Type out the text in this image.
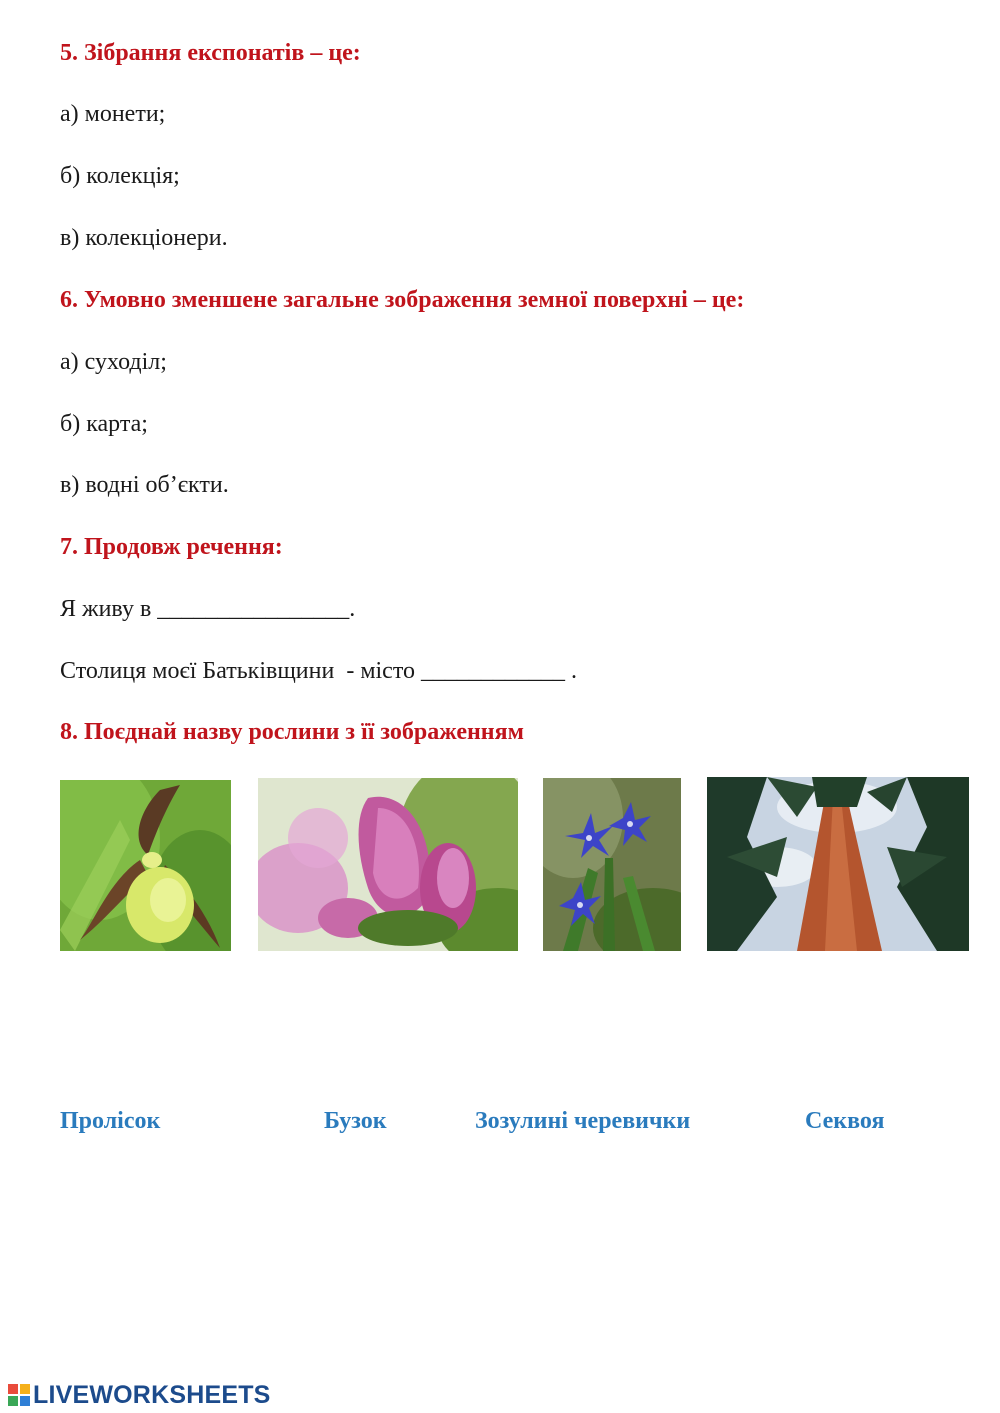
5. Зібрання експонатів – це:
а) монети;
б) колекція;
в) колекціонери.
6. Умовно зменшене загальне зображення земної поверхні – це:
а) суходіл;
б) карта;
в) водні об’єкти.
7. Продовж речення:
Я живу в ________________.
Столиця моєї Батьківщини  - місто ____________ .
8. Поєднай назву рослини з її зображенням
Пролісок	Бузок	Зозулині черевички	Секвоя
LIVEWORKSHEETS
